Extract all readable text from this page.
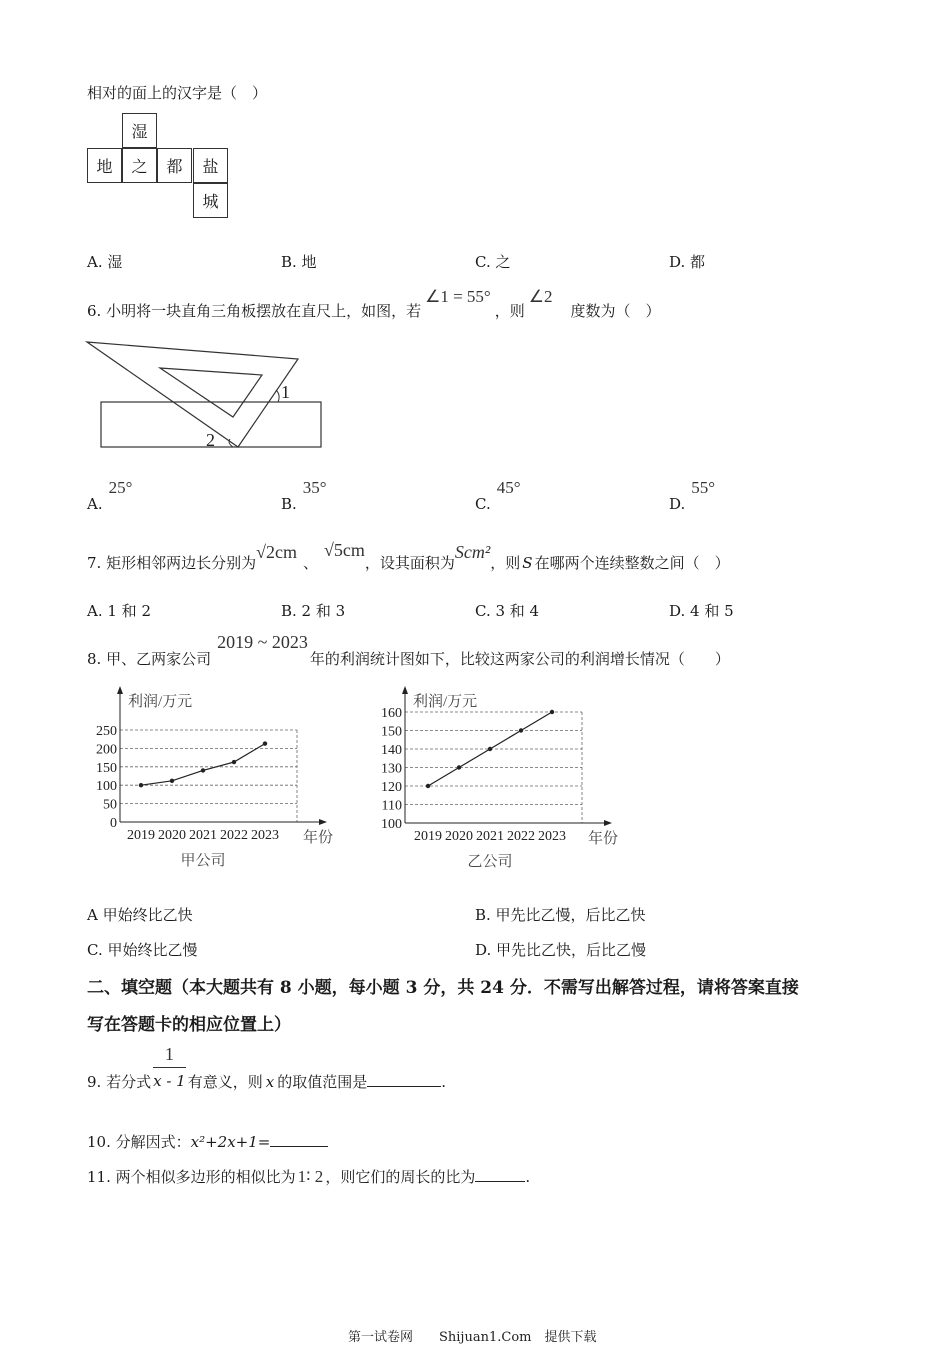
相对的面上的汉字是（　）
湿
地	之	都	盐
城
A. 湿	B. 地	C. 之	D. 都
6. 小明将一块直角三角板摆放在直尺上，如图，若∠1 = 55°，则∠2度数为（　）
1
2
A.25°
B.35°
C.45°
D.55°
7. 矩形相邻两边长分别为√2cm、√5cm，设其面积为Scm²，则 S 在哪两个连续整数之间（　）
A. 1 和 2	B. 2 和 3	C. 3 和 4	D. 4 和 5
8. 甲、乙两家公司2019 ~ 2023年的利润统计图如下，比较这两家公司的利润增长情况（　　）
0
50
100
150
200
250
利润/万元
年份
甲公司
2019 2020 2021 2022 2023
100
110
120
130
140
150
160
利润/万元
年份
乙公司
2019 2020 2021 2022 2023
A 甲始终比乙快	B. 甲先比乙慢，后比乙快
C. 甲始终比乙慢	D. 甲先比乙快，后比乙慢
二、填空题（本大题共有 8 小题，每小题 3 分，共 24 分．不需写出解答过程，请将答案直接
写在答题卡的相应位置上）
9. 若分式
1
x - 1 有意义，则 x 的取值范围是	.
10. 分解因式：x²+2x+1=
11. 两个相似多边形的相似比为 1∶ 2 ，则它们的周长的比为	.
第一试卷网　　Shijuan1.Com　提供下载
